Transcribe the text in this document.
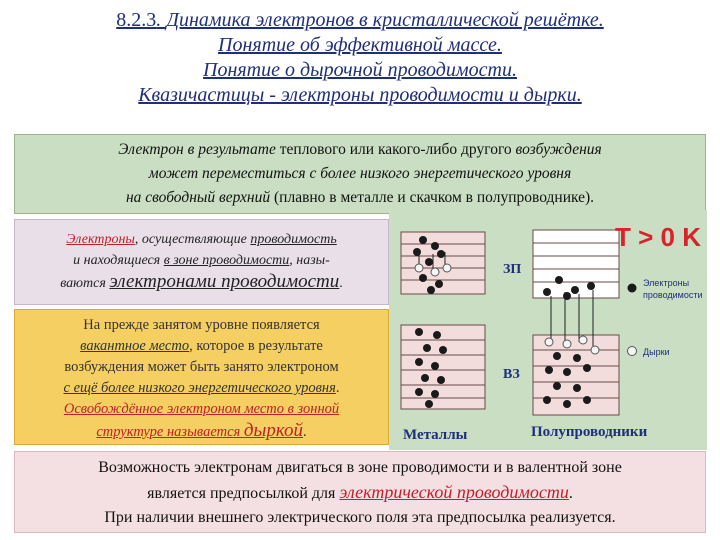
8.2.3. Динамика электронов в кристаллической решётке.
Понятие об эффективной массе.
Понятие о дырочной проводимости.
Квазичастицы - электроны проводимости и дырки.
Электрон в результате теплового или какого-либо другого возбуждения
может переместиться с более низкого энергетического уровня
на свободный верхний (плавно в металле и скачком в полупроводнике).
Электроны, осуществляющие проводимость
и находящиеся в зоне проводимости, назы-
ваются электронами проводимости.
На прежде занятом уровне появляется
вакантное место, которое в результате
возбуждения может быть занято электроном
с ещё более низкого энергетического уровня.
Освобождённое электроном место в зонной
структуре называется дыркой.
ЗП
ВЗ
T > 0 K
Электроны
проводимости
Дырки
Металлы	Полупроводники
Возможность электронам двигаться в зоне проводимости и в валентной зоне
является предпосылкой для электрической проводимости.
При наличии внешнего электрического поля эта предпосылка реализуется.
